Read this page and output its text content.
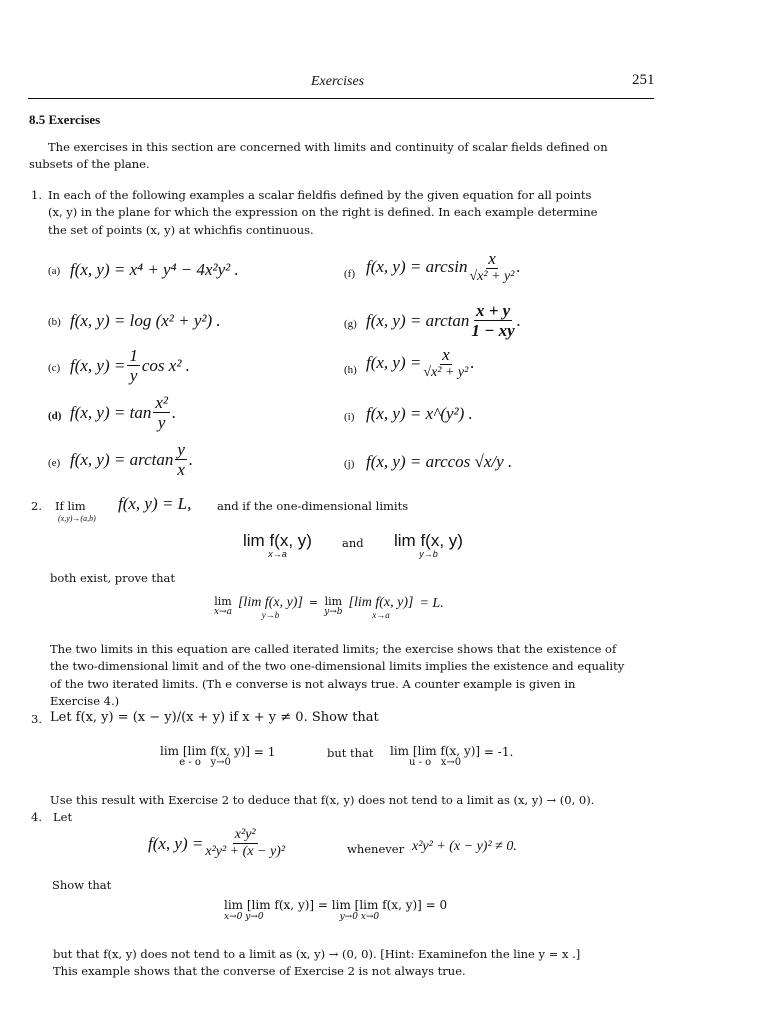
Exercises	251
8.5 Exercises
The exercises in this section are concerned with limits and continuity of scalar fields defined on
subsets of the plane.
1. In each of the following examples a scalar fieldfis defined by the given equation for all points
(x, y) in the plane for which the expression on the right is defined. In each example determine
the set of points (x, y) at whichfis continuous.
(a) f(x, y) = x⁴ + y⁴ − 4x²y² .
(b) f(x, y) = log (x² + y²) .
(c) f(x, $y) = \frac{1}{y}$ cos x² .
(d) f(x, $y) = \tan \frac{\text{x²}}{y}$ .
(e) f(x, $y) = \arctan \frac{y}{x}$ .
(f) f(x, $y) = \arcsin \frac{x}{\text{√x² + y²}}$ .
(g) f(x, $y) = \arctan \frac{x + y}{1 - xy}$ .
(h) f(x, $y) = \frac{x}{\text{√x² + y²}}$ .
(i) f(x, y) = x^(y²) .
(j) f(x, y) = arccos √x/y .
2. If lim
(x,y)→(a,b)
f(x, y) = L, and if the one-dimensional limits
lim f(x, y)
x→a
and lim f(x, y)
y→b
both exist, prove that
lim
x→a
[lim f(x, y)]
y→b
= lim
y→b
[lim f(x, y)]
x→a
= L.
The two limits in this equation are called iterated limits; the exercise shows that the existence of
the two-dimensional limit and of the two one-dimensional limits implies the existence and equality
of the two iterated limits. (Th e converse is not always true. A counter example is given in
Exercise 4.)
3. Let f(x, y) = (x − y)/(x + y) if x + y ≠ 0. Show that
lim [lim f(x, y)]
e - o y→0
= 1	but that lim [lim f(x, y)]
u - o x→0
= -1.
Use this result with Exercise 2 to deduce that f(x, y) does not tend to a limit as (x, y) → (0, 0).
4. Let
f(x, $y) = \frac{\text{x²y²}}{\text{x²y² + (x − y)²}}$	whenever x²y² + (x − y)² ≠ 0.
Show that
lim [lim f(x, y)] = lim [lim f(x, y)] = 0
x→0 y→0	y→0 x→0
but that f(x, y) does not tend to a limit as (x, y) → (0, 0). [Hint: Examinefon the line y = x .]
This example shows that the converse of Exercise 2 is not always true.
